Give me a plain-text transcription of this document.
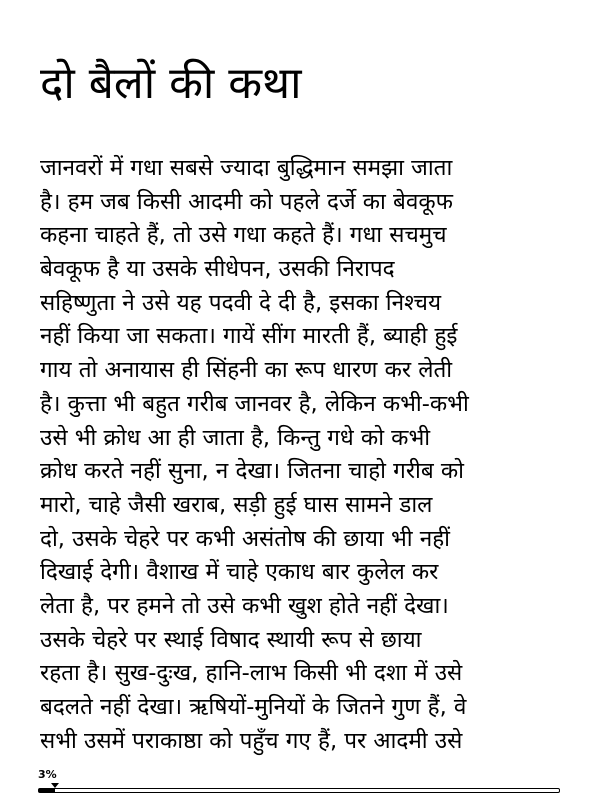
दो बैलों की कथा
जानवरों में गधा सबसे ज्यादा बुद्धिमान समझा जाता
है। हम जब किसी आदमी को पहले दर्जे का बेवकूफ
कहना चाहते हैं, तो उसे गधा कहते हैं। गधा सचमुच
बेवकूफ है या उसके सीधेपन, उसकी निरापद
सहिष्णुता ने उसे यह पदवी दे दी है, इसका निश्चय
नहीं किया जा सकता। गायें सींग मारती हैं, ब्याही हुई
गाय तो अनायास ही सिंहनी का रूप धारण कर लेती
है। कुत्ता भी बहुत गरीब जानवर है, लेकिन कभी-कभी
उसे भी क्रोध आ ही जाता है, किन्तु गधे को कभी
क्रोध करते नहीं सुना, न देखा। जितना चाहो गरीब को
मारो, चाहे जैसी खराब, सड़ी हुई घास सामने डाल
दो, उसके चेहरे पर कभी असंतोष की छाया भी नहीं
दिखाई देगी। वैशाख में चाहे एकाध बार कुलेल कर
लेता है, पर हमने तो उसे कभी खुश होते नहीं देखा।
उसके चेहरे पर स्थाई विषाद स्थायी रूप से छाया
रहता है। सुख-दुःख, हानि-लाभ किसी भी दशा में उसे
बदलते नहीं देखा। ऋषियों-मुनियों के जितने गुण हैं, वे
सभी उसमें पराकाष्ठा को पहुँच गए हैं, पर आदमी उसे
3%
